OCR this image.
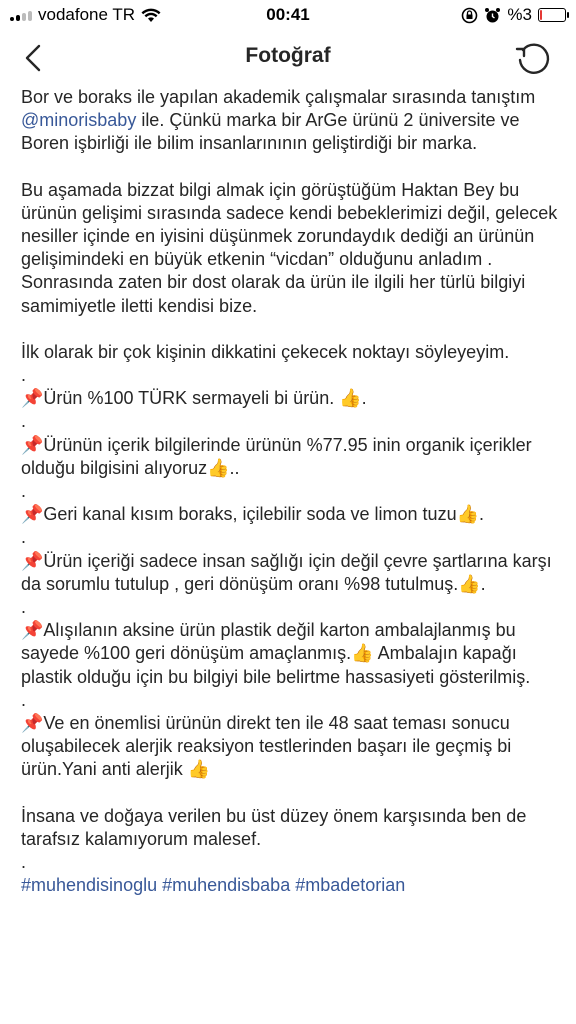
vodafone TR	00:41	%3
Fotoğraf

Bor ve boraks ile yapılan akademik çalışmalar sırasında tanıştım @minorisbaby ile. Çünkü marka bir ArGe ürünü 2 üniversite ve Boren işbirliği ile bilim insanlarınının geliştirdiği bir marka.

Bu aşamada bizzat bilgi almak için görüştüğüm Haktan Bey bu ürünün gelişimi sırasında sadece kendi bebeklerimizi değil, gelecek nesiller içinde en iyisini düşünmek zorundaydık dediği an ürünün gelişimindeki en büyük etkenin “vicdan” olduğunu anladım . Sonrasında zaten bir dost olarak da ürün ile ilgili her türlü bilgiyi samimiyetle iletti kendisi bize.

İlk olarak bir çok kişinin dikkatini çekecek noktayı söyleyeyim.

.

📌Ürün %100 TÜRK sermayeli bi ürün. 👍.

.

📌Ürünün içerik bilgilerinde ürünün %77.95 inin organik içerikler olduğu bilgisini alıyoruz👍..

.

📌Geri kanal kısım boraks, içilebilir soda ve limon tuzu👍.

.

📌Ürün içeriği sadece insan sağlığı için değil çevre şartlarına karşı da sorumlu tutulup , geri dönüşüm oranı %98 tutulmuş.👍.

.

📌Alışılanın aksine ürün plastik değil karton ambalajlanmış bu sayede %100 geri dönüşüm amaçlanmış.👍 Ambalajın kapağı plastik olduğu için bu bilgiyi bile belirtme hassasiyeti gösterilmiş.

.

📌Ve en önemlisi ürünün direkt ten ile 48 saat teması sonucu oluşabilecek alerjik reaksiyon testlerinden başarı ile geçmiş bi ürün.Yani anti alerjik 👍

İnsana ve doğaya verilen bu üst düzey önem karşısında ben de tarafsız kalamıyorum malesef.

.

#muhendisinoglu #muhendisbaba #mbadetorian
